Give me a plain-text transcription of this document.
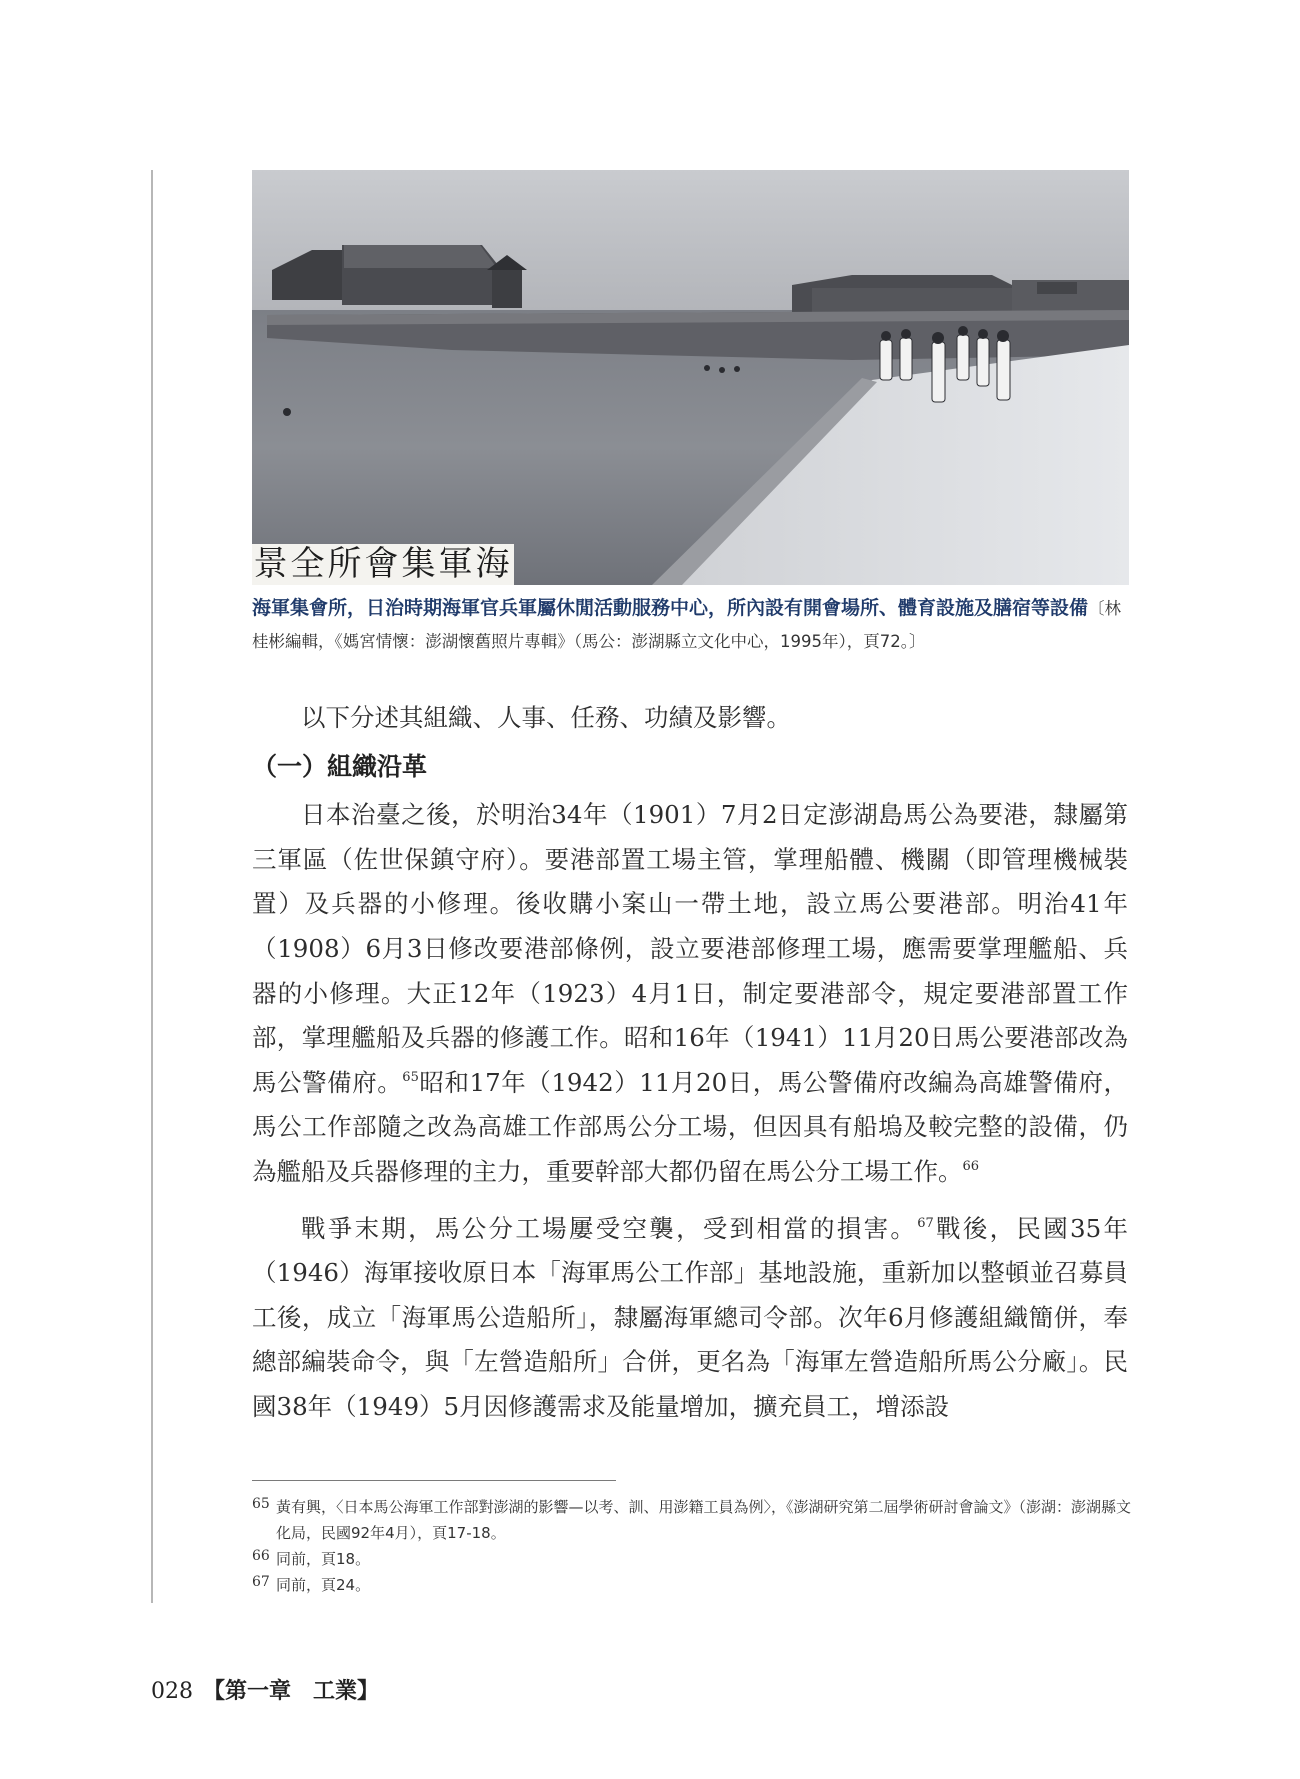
景全所會集軍海
海軍集會所，日治時期海軍官兵軍屬休閒活動服務中心，所內設有開會場所、體育設施及膳宿等設備〔林桂彬編輯，《媽宮情懷：澎湖懷舊照片專輯》（馬公：澎湖縣立文化中心，1995年），頁72。〕

以下分述其組織、人事、任務、功績及影響。

（一）組織沿革

日本治臺之後，於明治34年（1901）7月2日定澎湖島馬公為要港，隸屬第三軍區（佐世保鎮守府）。要港部置工場主管，掌理船體、機關（即管理機械裝置）及兵器的小修理。後收購小案山一帶土地，設立馬公要港部。明治41年（1908）6月3日修改要港部條例，設立要港部修理工場，應需要掌理艦船、兵器的小修理。大正12年（1923）4月1日，制定要港部令，規定要港部置工作部，掌理艦船及兵器的修護工作。昭和16年（1941）11月20日馬公要港部改為馬公警備府。$^{65}$昭和17年（1942）11月20日，馬公警備府改編為高雄警備府，馬公工作部隨之改為高雄工作部馬公分工場，但因具有船塢及較完整的設備，仍為艦船及兵器修理的主力，重要幹部大都仍留在馬公分工場工作。$^{66}$

戰爭末期，馬公分工場屢受空襲，受到相當的損害。$^{67}$戰後，民國35年（1946）海軍接收原日本「海軍馬公工作部」基地設施，重新加以整頓並召募員工後，成立「海軍馬公造船所」，隸屬海軍總司令部。次年6月修護組織簡併，奉總部編裝命令，與「左營造船所」合併，更名為「海軍左營造船所馬公分廠」。民國38年（1949）5月因修護需求及能量增加，擴充員工，增添設

65 黃有興，〈日本馬公海軍工作部對澎湖的影響—以考、訓、用澎籍工員為例〉，《澎湖研究第二屆學術研討會論文》（澎湖：澎湖縣文化局，民國92年4月），頁17-18。
66 同前，頁18。
67 同前，頁24。
028 【第一章　工業】
